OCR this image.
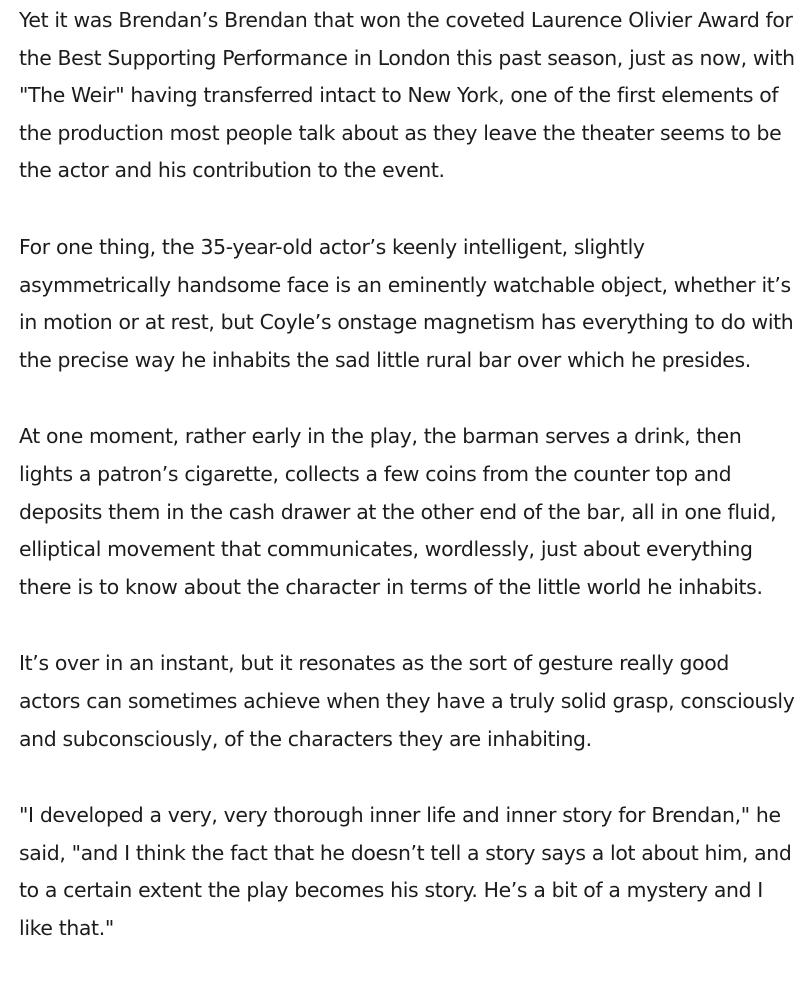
Yet it was Brendan’s Brendan that won the coveted Laurence Olivier Award for the Best Supporting Performance in London this past season, just as now, with "The Weir" having transferred intact to New York, one of the first elements of the production most people talk about as they leave the theater seems to be the actor and his contribution to the event.

For one thing, the 35-year-old actor’s keenly intelligent, slightly asymmetrically handsome face is an eminently watchable object, whether it’s in motion or at rest, but Coyle’s onstage magnetism has everything to do with the precise way he inhabits the sad little rural bar over which he presides.

At one moment, rather early in the play, the barman serves a drink, then lights a patron’s cigarette, collects a few coins from the counter top and deposits them in the cash drawer at the other end of the bar, all in one fluid, elliptical movement that communicates, wordlessly, just about everything there is to know about the character in terms of the little world he inhabits.

It’s over in an instant, but it resonates as the sort of gesture really good actors can sometimes achieve when they have a truly solid grasp, consciously and subconsciously, of the characters they are inhabiting.

"I developed a very, very thorough inner life and inner story for Brendan," he said, "and I think the fact that he doesn’t tell a story says a lot about him, and to a certain extent the play becomes his story. He’s a bit of a mystery and I like that."
